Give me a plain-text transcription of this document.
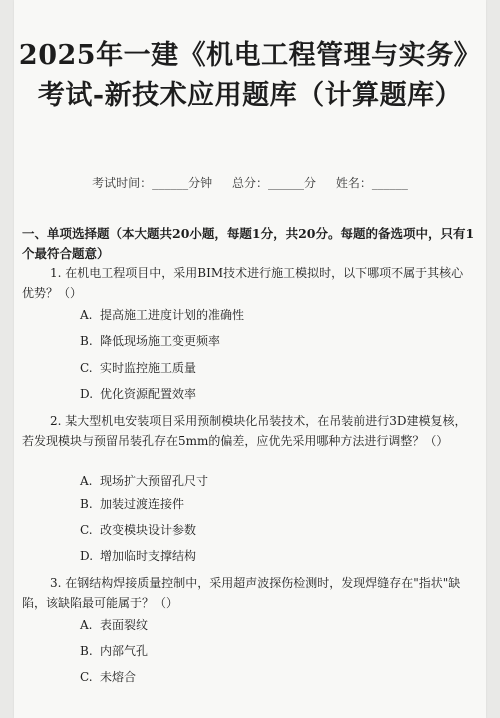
2025年一建《机电工程管理与实务》考试-新技术应用题库（计算题库）
考试时间：______分钟 总分：______分 姓名：______
一、单项选择题（本大题共20小题，每题1分，共20分。每题的备选项中，只有1个最符合题意）
1. 在机电工程项目中，采用BIM技术进行施工模拟时，以下哪项不属于其核心优势？（）
A. 提高施工进度计划的准确性
B. 降低现场施工变更频率
C. 实时监控施工质量
D. 优化资源配置效率
2. 某大型机电安装项目采用预制模块化吊装技术，在吊装前进行3D建模复核，若发现模块与预留吊装孔存在5mm的偏差，应优先采用哪种方法进行调整？（）
A. 现场扩大预留孔尺寸
B. 加装过渡连接件
C. 改变模块设计参数
D. 增加临时支撑结构
3. 在钢结构焊接质量控制中，采用超声波探伤检测时，发现焊缝存在"指状"缺陷，该缺陷最可能属于？（）
A. 表面裂纹
B. 内部气孔
C. 未熔合
